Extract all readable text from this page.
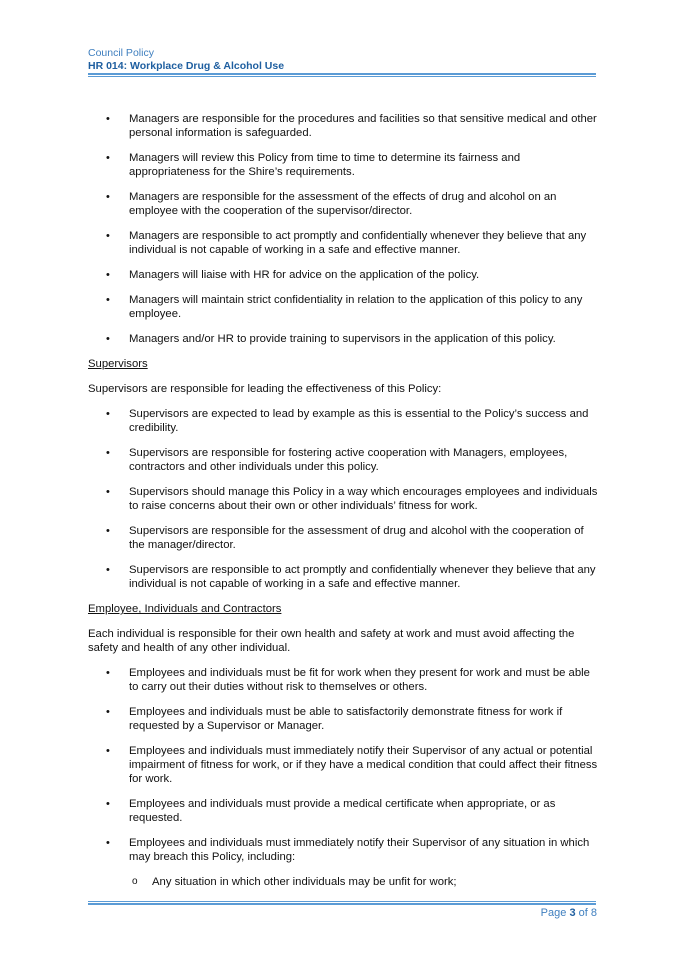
Council Policy
HR 014: Workplace Drug & Alcohol Use
• Managers are responsible for the procedures and facilities so that sensitive medical and other personal information is safeguarded.
• Managers will review this Policy from time to time to determine its fairness and appropriateness for the Shire’s requirements.
• Managers are responsible for the assessment of the effects of drug and alcohol on an employee with the cooperation of the supervisor/director.
• Managers are responsible to act promptly and confidentially whenever they believe that any individual is not capable of working in a safe and effective manner.
• Managers will liaise with HR for advice on the application of the policy.
• Managers will maintain strict confidentiality in relation to the application of this policy to any employee.
• Managers and/or HR to provide training to supervisors in the application of this policy.
Supervisors
Supervisors are responsible for leading the effectiveness of this Policy:
• Supervisors are expected to lead by example as this is essential to the Policy’s success and credibility.
• Supervisors are responsible for fostering active cooperation with Managers, employees, contractors and other individuals under this policy.
• Supervisors should manage this Policy in a way which encourages employees and individuals to raise concerns about their own or other individuals’ fitness for work.
• Supervisors are responsible for the assessment of drug and alcohol with the cooperation of the manager/director.
• Supervisors are responsible to act promptly and confidentially whenever they believe that any individual is not capable of working in a safe and effective manner.
Employee, Individuals and Contractors
Each individual is responsible for their own health and safety at work and must avoid affecting the safety and health of any other individual.
• Employees and individuals must be fit for work when they present for work and must be able to carry out their duties without risk to themselves or others.
• Employees and individuals must be able to satisfactorily demonstrate fitness for work if requested by a Supervisor or Manager.
• Employees and individuals must immediately notify their Supervisor of any actual or potential impairment of fitness for work, or if they have a medical condition that could affect their fitness for work.
• Employees and individuals must provide a medical certificate when appropriate, or as requested.
• Employees and individuals must immediately notify their Supervisor of any situation in which may breach this Policy, including:
o Any situation in which other individuals may be unfit for work;
Page 3 of 8
